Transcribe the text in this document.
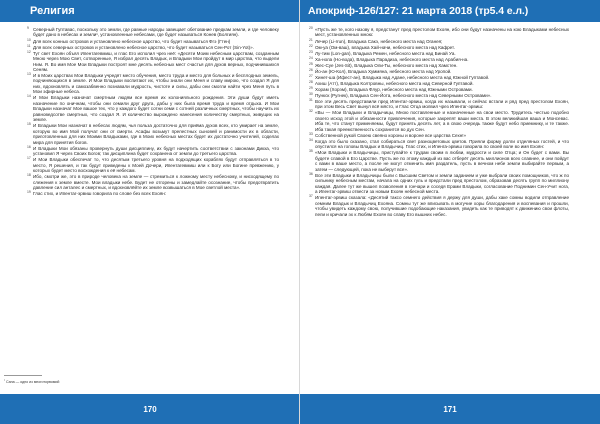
Религия
9 Северный Гуптавас, поскольку это земли, где равные народы завещает обетование предкам земли, и где человеку будет дано в небесах и земли¹, установленные небесами, где будет называться Конев (Болгиян).
10 Для всех конных островов и установлено небесное царство, что будет называться Фгэ (Гтен)
11 Для всех северных островов и установлено небесное царство, что будет называться Сен-Рот (Sin-Yot)».
12 Тут свет Ехоян объял Ипентагевмиш, и глас Его исполил чрез неё: «Десяти Моим небесным царствам, созданным Мною через Мою Свет, сотворенные, Я избрал десять Владык, и Владыки Мои пройдут в мир царства, что выдели Ним. Я. Во имя Мое Мои Владыки построят мне десять небесных мест счастья для духов верных, подчинившихся Сеням.
13 И в Моих царствах Мои Владыки учредят место обучения, место труда и место для больных и бесплодных земель, подчиняющихся в земле. И Мои Владыки воспитают их, чтобы знали они Меня и славу мирою, что создал Я для них, вдохновлять и самозабвенно познавали мудрость, чистоте и силы, дабы они смогли найти чрез Меня путь в Мои эфирные небеса.
14 И Мои Владыки назначат смертным людям все время их колонияльного рождения. Эти души будут иметь назначение по оничнам, чтобы они семили друг друга, дабы у них была время труда и время отдыха. И Мои Владыки назначат Мое вашое тех, что у каждого будет сотни семи с сотней различных смертных, чтобы научить их равноведсотве смертных, что создал Я. И количество вырождено нанесения количеству смертных, живущих на земле.
15 И Владыки Мои назначат в небесах людям, чья польза достаточно для приёма духов всех, кто умирает на земле, которую во имя Мой получат они от смерти. Асафы возьмут прелестных сыновей и ранимости их в области, приготовленных для них Моими Владыками, где в Моих небесных местах будет их достаточно учителей, соделах мира для принятия богов.
16 И Владыки Мои обязаны провернуть души дисциплину, их будут начертить соответствии с законами Дикха, что установил Я через Своих Богов; так дисциплина будет сохранена от земли до третьего царства.
17 И Мои Владыки обеспечат то, что десятым третьего уровня на подходящих кораблях будут отправляться в то место, Я решения, и так будут приведены к Моей Дочери, Ипентагевмиш или к Богу или Богине превжению, у которых будет место восхождения к её небесам.
18 Ибо, смотри же, это в природе человека на земле — стремиться к ложному месту небесному, и нисходящему по слежения к земле вместе. Мои владыки небе. Будет не отгорены и замедлайте осознание, чтобы предотвратить давление сил анталес и смертных, и вдохновлёйте их земле возвышаться в Мое светлой места».
19 Глас стих, и Ипентаг-эрвиш говорила по слове без всех Ехоян:
$^{^1}$ Сапа — одно из многоторвомий
170
Апокриф-126/127: 21 марта 2018 (тр5.4 е.л.)
20 «Пусть же те, кого назову я, предстанут пред престолом Ехоян, ибо они будут назначены на кою Владыками небесных мест, установленных мною:
21 Лечер (Li-rrun), Владыка Сакэ, небесного места над Оганея;
22 Ом-уа (Ом-ваш), владыка Хай-начи, небесного места над Кафрет.
23 Лу-тим (Lon-gan), Владыка Ремен, небесного места над Бинай Уа.
24 Ха-нола (Но-вода), Владыка Парадиза, небесного места над Арабия-на.
25 Жес-Суе (Jes-Sit), Владыка Оли-Ты, небесного места над Хамстен.
26 Йо-ан (Ю-Кол), Владыка Хуммяна, небесного места над Уропой.
27 Хинет-ша (Ифест-ан), Владыка над Адане, небесного места над Южной Гуптавой.
28 Ахиш (Атт), Владыка Колтровны, небесного места над Северной Гуптавой.
29 Хорам (Хорэм), Владыка Флур, небесного места над Южными Островами.
30 Пункск (Ругнек), Владыка Сен-Йота, небесного места над Северными Островами».
31 Все эти десять представили пред Ипентаг-эрвиш, когда их называли, и сейчас встали и ряд пред престолом Ехоян, при этом Весь Свет вынул всё място, и Глас Отца молвил чрез Ипентаг-эрвиш:
32 «Вы — Мои Владыки и Владычицы, Мною поставленные и назначенные на свои место. Трудитесь честью подобно своего исход этой и обязанности привлечения, которые закрепят ваши места. В этом великийшая ваша и Монсевас. Иба те, что станут применяемы, будут принять десять лет, а в свою очередь также будут небо приемнику, и те также. Иба такая преемственность сохранится во дух Сен.
33 Собственной рукой Своею свеяно короны и вороне все царства Сехн!»
34 Когда это было сказано, стал собираться свет разноцветовых цветов. Прияли форму долги отделяных гостей, и что опустился на головы Владык и Владычиц. Глас стих, и Ипенга-эрвиш говорила по своей воле во имя Ехоян:
35 «Мои Владыки и Владычицы, приступайте к трудам своим в любви, мудрости и силе Отца; и Он будет с вами. Вы будете славой в Его Царстве. Пусть же по этому каждый из вас отберёт десять миллионов всех славнее, и они пойдут с вами в ваше место, а после не могут отменить имя раздатель, пусть в вечном небе земли выбирайте первым, а затем — следующей, пока не выберут все».
36 Все эти Владыки и Владычицы были с Высшим Светом и земли заданием и уже выбрали своих помощников, что ж по сильнику небесным местам, начала на одних гуль и предстали пред престолом, образовав десять групп по миллиону каждая. Далее тут же вышел позволения в гончари и соседя Ерами Владыки, согласование Поднимин Сен-Учит нога, а Ипентаг-эрвиш отвести за новым Ехоян небесной места.
37 Ипентаг-эрвиш сказала: «Десятий таксо семнего действия я держу для души, дабы хаке сомны водили отправление семним Владык и Владычиц Ехояна. Сомны тут же вписывать в могучие хоры благодарения и воспевания и прошли, чтобы увидеть каждому свою, получившие подобающие наказания, увидеть как те приводят к движению свои флоты, пели и кричали эх к Любям Ехоян во славу Его вышних небес.
171
